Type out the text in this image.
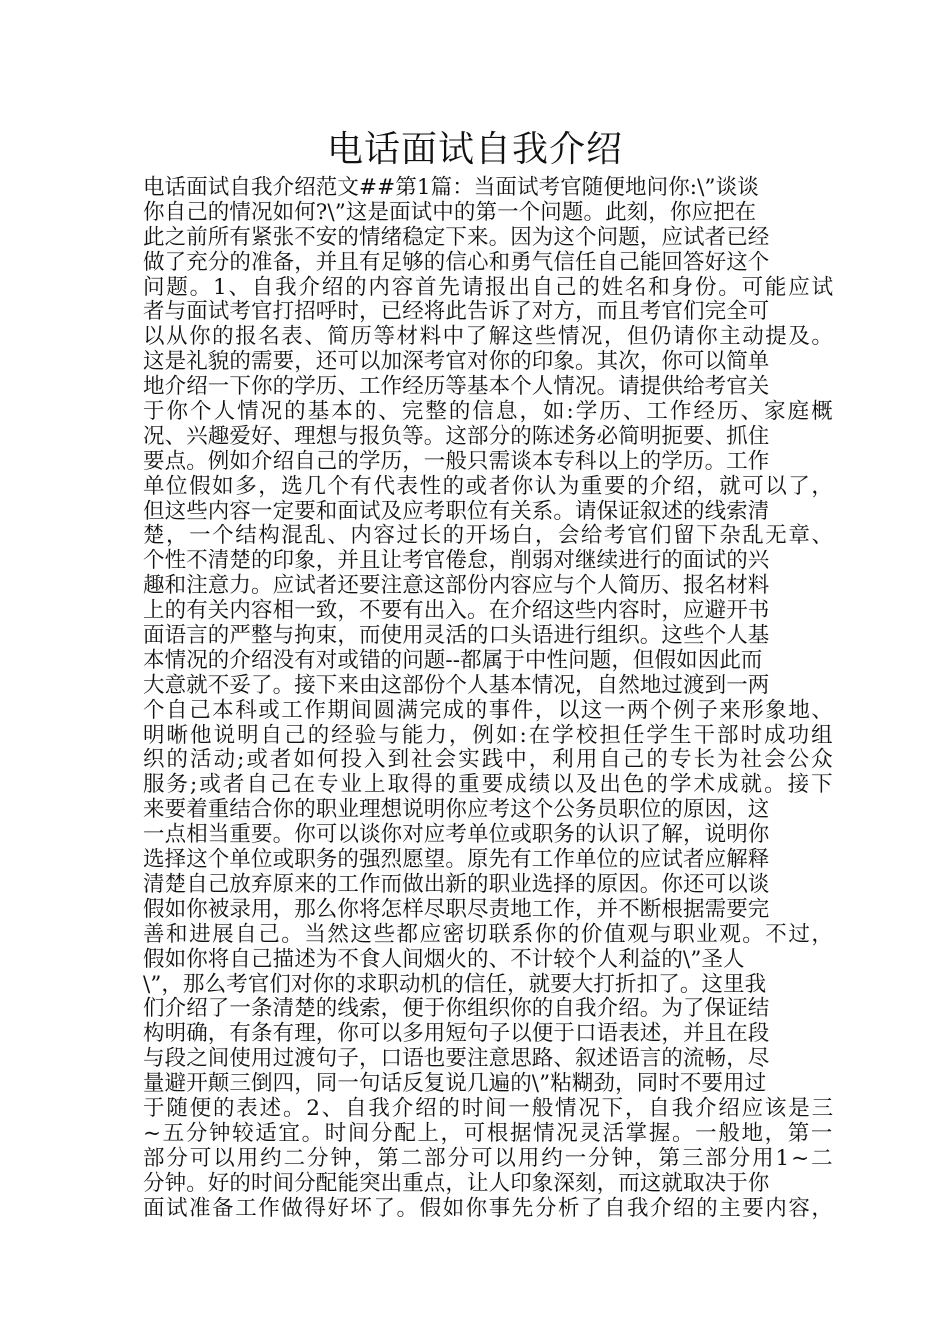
电话面试自我介绍
电话面试自我介绍范文##第1篇：当面试考官随便地问你:\”谈谈
你自己的情况如何?\”这是面试中的第一个问题。此刻，你应把在
此之前所有紧张不安的情绪稳定下来。因为这个问题，应试者已经
做了充分的准备，并且有足够的信心和勇气信任自己能回答好这个
问题。1、自我介绍的内容首先请报出自己的姓名和身份。可能应试
者与面试考官打招呼时，已经将此告诉了对方，而且考官们完全可
以从你的报名表、简历等材料中了解这些情况，但仍请你主动提及。
这是礼貌的需要，还可以加深考官对你的印象。其次，你可以简单
地介绍一下你的学历、工作经历等基本个人情况。请提供给考官关
于你个人情况的基本的、完整的信息，如:学历、工作经历、家庭概
况、兴趣爱好、理想与报负等。这部分的陈述务必简明扼要、抓住
要点。例如介绍自己的学历，一般只需谈本专科以上的学历。工作
单位假如多，选几个有代表性的或者你认为重要的介绍，就可以了，
但这些内容一定要和面试及应考职位有关系。请保证叙述的线索清
楚，一个结构混乱、内容过长的开场白，会给考官们留下杂乱无章、
个性不清楚的印象，并且让考官倦怠，削弱对继续进行的面试的兴
趣和注意力。应试者还要注意这部份内容应与个人简历、报名材料
上的有关内容相一致，不要有出入。在介绍这些内容时，应避开书
面语言的严整与拘束，而使用灵活的口头语进行组织。这些个人基
本情况的介绍没有对或错的问题--都属于中性问题，但假如因此而
大意就不妥了。接下来由这部份个人基本情况，自然地过渡到一两
个自己本科或工作期间圆满完成的事件，以这一两个例子来形象地、
明晰他说明自己的经验与能力，例如:在学校担任学生干部时成功组
织的活动;或者如何投入到社会实践中，利用自己的专长为社会公众
服务;或者自己在专业上取得的重要成绩以及出色的学术成就。接下
来要着重结合你的职业理想说明你应考这个公务员职位的原因，这
一点相当重要。你可以谈你对应考单位或职务的认识了解，说明你
选择这个单位或职务的强烈愿望。原先有工作单位的应试者应解释
清楚自己放弃原来的工作而做出新的职业选择的原因。你还可以谈
假如你被录用，那么你将怎样尽职尽责地工作，并不断根据需要完
善和进展自己。当然这些都应密切联系你的价值观与职业观。不过，
假如你将自己描述为不食人间烟火的、不计较个人利益的\”圣人
\”，那么考官们对你的求职动机的信任，就要大打折扣了。这里我
们介绍了一条清楚的线索，便于你组织你的自我介绍。为了保证结
构明确，有条有理，你可以多用短句子以便于口语表述，并且在段
与段之间使用过渡句子，口语也要注意思路、叙述语言的流畅，尽
量避开颠三倒四，同一句话反复说几遍的\”粘糊劲，同时不要用过
于随便的表述。2、自我介绍的时间一般情况下，自我介绍应该是三
~五分钟较适宜。时间分配上，可根据情况灵活掌握。一般地，第一
部分可以用约二分钟，第二部分可以用约一分钟，第三部分用1~二
分钟。好的时间分配能突出重点，让人印象深刻，而这就取决于你
面试准备工作做得好坏了。假如你事先分析了自我介绍的主要内容，
